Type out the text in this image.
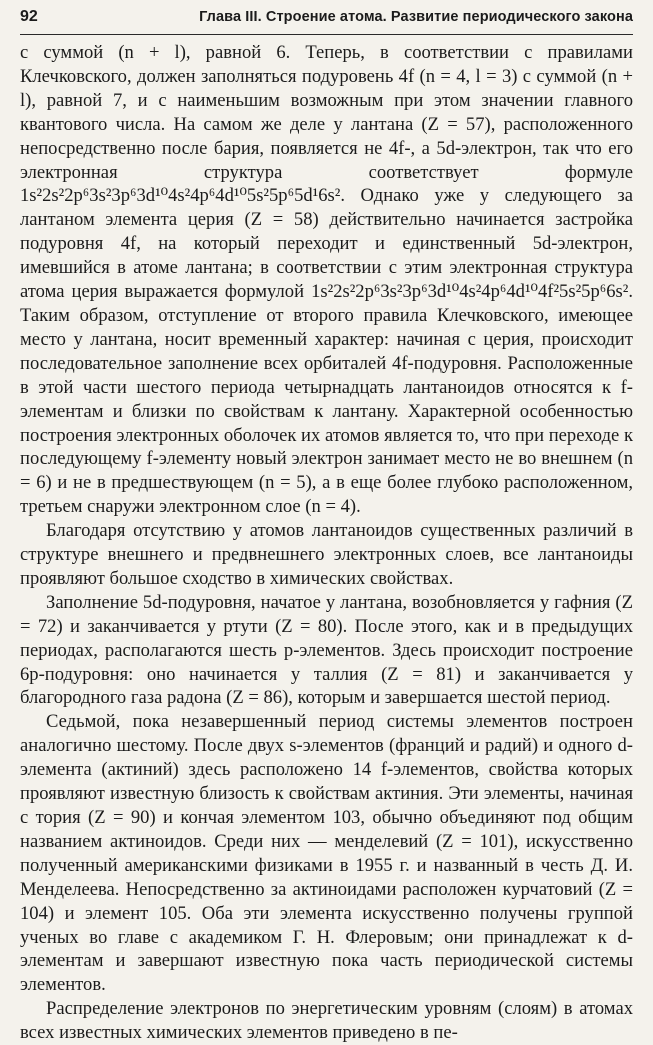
92	Глава III. Строение атома. Развитие периодического закона

с суммой (n + l), равной 6. Теперь, в соответствии с правилами Клечковского, должен заполняться подуровень 4f (n = 4, l = 3) с суммой (n + l), равной 7, и с наименьшим возможным при этом значении главного квантового числа. На самом же деле у лантана (Z = 57), расположенного непосредственно после бария, появляется не 4f-, а 5d-электрон, так что его электронная структура соответствует формуле 1s²2s²2p⁶3s²3p⁶3d¹⁰4s²4p⁶4d¹⁰5s²5p⁶5d¹6s². Однако уже у следующего за лантаном элемента церия (Z = 58) действительно начинается застройка подуровня 4f, на который переходит и единственный 5d-электрон, имевшийся в атоме лантана; в соответствии с этим электронная структура атома церия выражается формулой 1s²2s²2p⁶3s²3p⁶3d¹⁰4s²4p⁶4d¹⁰4f²5s²5p⁶6s². Таким образом, отступление от второго правила Клечковского, имеющее место у лантана, носит временный характер: начиная с церия, происходит последовательное заполнение всех орбиталей 4f-подуровня. Расположенные в этой части шестого периода четырнадцать лантаноидов относятся к f-элементам и близки по свойствам к лантану. Характерной особенностью построения электронных оболочек их атомов является то, что при переходе к последующему f-элементу новый электрон занимает место не во внешнем (n = 6) и не в предшествующем (n = 5), а в еще более глубоко расположенном, третьем снаружи электронном слое (n = 4).

Благодаря отсутствию у атомов лантаноидов существенных различий в структуре внешнего и предвнешнего электронных слоев, все лантаноиды проявляют большое сходство в химических свойствах.

Заполнение 5d-подуровня, начатое у лантана, возобновляется у гафния (Z = 72) и заканчивается у ртути (Z = 80). После этого, как и в предыдущих периодах, располагаются шесть p-элементов. Здесь происходит построение 6p-подуровня: оно начинается у таллия (Z = 81) и заканчивается у благородного газа радона (Z = 86), которым и завершается шестой период.

Седьмой, пока незавершенный период системы элементов построен аналогично шестому. После двух s-элементов (франций и радий) и одного d-элемента (актиний) здесь расположено 14 f-элементов, свойства которых проявляют известную близость к свойствам актиния. Эти элементы, начиная с тория (Z = 90) и кончая элементом 103, обычно объединяют под общим названием актиноидов. Среди них — менделевий (Z = 101), искусственно полученный американскими физиками в 1955 г. и названный в честь Д. И. Менделеева. Непосредственно за актиноидами расположен курчатовий (Z = 104) и элемент 105. Оба эти элемента искусственно получены группой ученых во главе с академиком Г. Н. Флеровым; они принадлежат к d-элементам и завершают известную пока часть периодической системы элементов.

Распределение электронов по энергетическим уровням (слоям) в атомах всех известных химических элементов приведено в пе-
